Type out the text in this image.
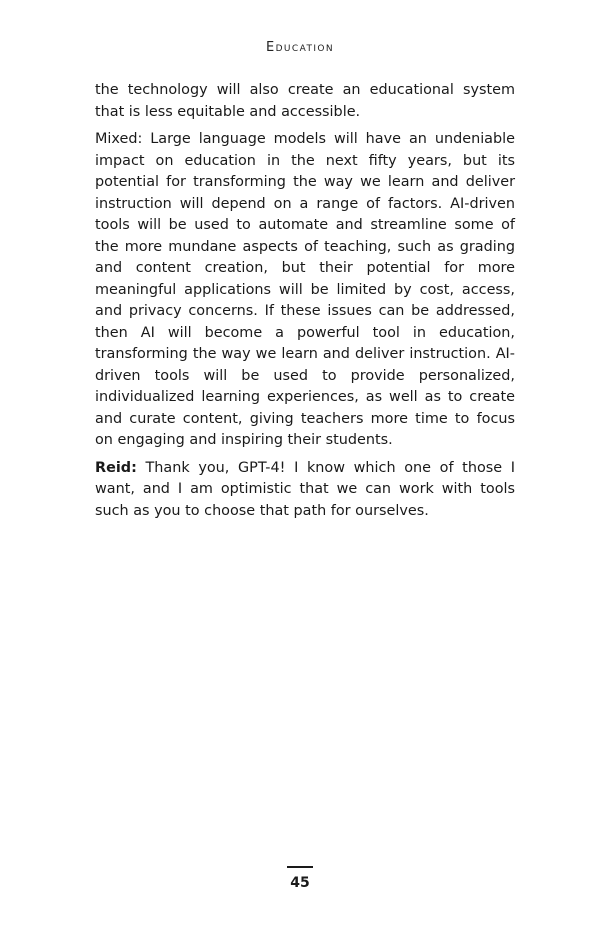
Education

the technology will also create an educational system that is less equitable and accessible.

Mixed: Large language models will have an undeniable impact on education in the next fifty years, but its potential for transforming the way we learn and deliver instruction will depend on a range of factors. AI-driven tools will be used to automate and streamline some of the more mundane aspects of teaching, such as grading and content creation, but their potential for more meaningful applications will be limited by cost, access, and privacy concerns. If these issues can be addressed, then AI will become a powerful tool in education, transforming the way we learn and deliver instruction. AI-driven tools will be used to provide personalized, individualized learning experiences, as well as to create and curate content, giving teachers more time to focus on engaging and inspiring their students.

Reid: Thank you, GPT-4! I know which one of those I want, and I am optimistic that we can work with tools such as you to choose that path for ourselves.

45
